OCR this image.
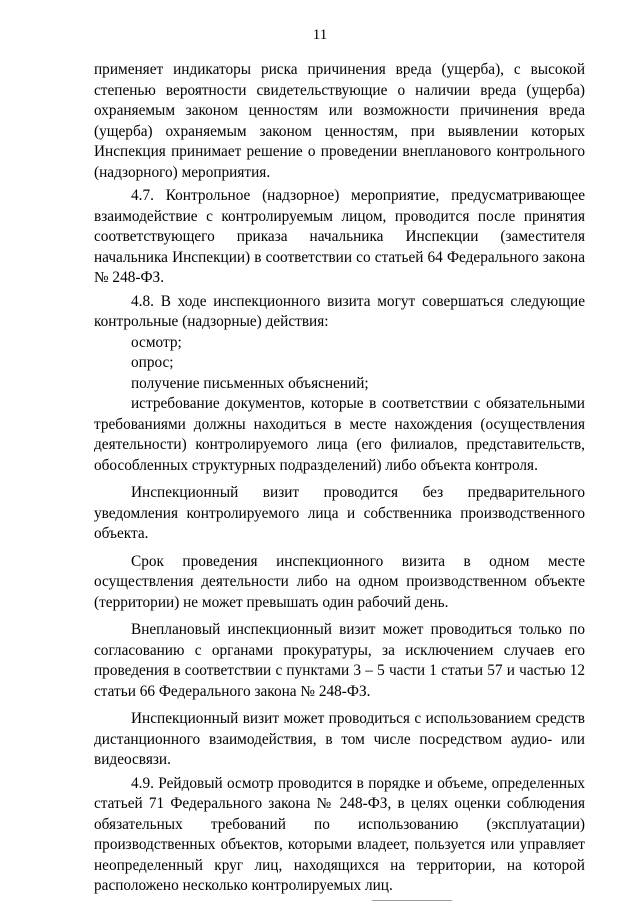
11

применяет индикаторы риска причинения вреда (ущерба), с высокой степенью вероятности свидетельствующие о наличии вреда (ущерба) охраняемым законом ценностям или возможности причинения вреда (ущерба) охраняемым законом ценностям, при выявлении которых Инспекция принимает решение о проведении внепланового контрольного (надзорного) мероприятия.

4.7. Контрольное (надзорное) мероприятие, предусматривающее взаимодействие с контролируемым лицом, проводится после принятия соответствующего приказа начальника Инспекции (заместителя начальника Инспекции) в соответствии со статьей 64 Федерального закона № 248-ФЗ.

4.8. В ходе инспекционного визита могут совершаться следующие контрольные (надзорные) действия:

осмотр;

опрос;

получение письменных объяснений;

истребование документов, которые в соответствии с обязательными требованиями должны находиться в месте нахождения (осуществления деятельности) контролируемого лица (его филиалов, представительств, обособленных структурных подразделений) либо объекта контроля.

Инспекционный визит проводится без предварительного уведомления контролируемого лица и собственника производственного объекта.

Срок проведения инспекционного визита в одном месте осуществления деятельности либо на одном производственном объекте (территории) не может превышать один рабочий день.

Внеплановый инспекционный визит может проводиться только по согласованию с органами прокуратуры, за исключением случаев его проведения в соответствии с пунктами 3 – 5 части 1 статьи 57 и частью 12 статьи 66 Федерального закона № 248-ФЗ.

Инспекционный визит может проводиться с использованием средств дистанционного взаимодействия, в том числе посредством аудио- или видеосвязи.

4.9. Рейдовый осмотр проводится в порядке и объеме, определенных статьей 71 Федерального закона № 248-ФЗ, в целях оценки соблюдения обязательных требований по использованию (эксплуатации) производственных объектов, которыми владеет, пользуется или управляет неопределенный круг лиц, находящихся на территории, на которой расположено несколько контролируемых лиц.
